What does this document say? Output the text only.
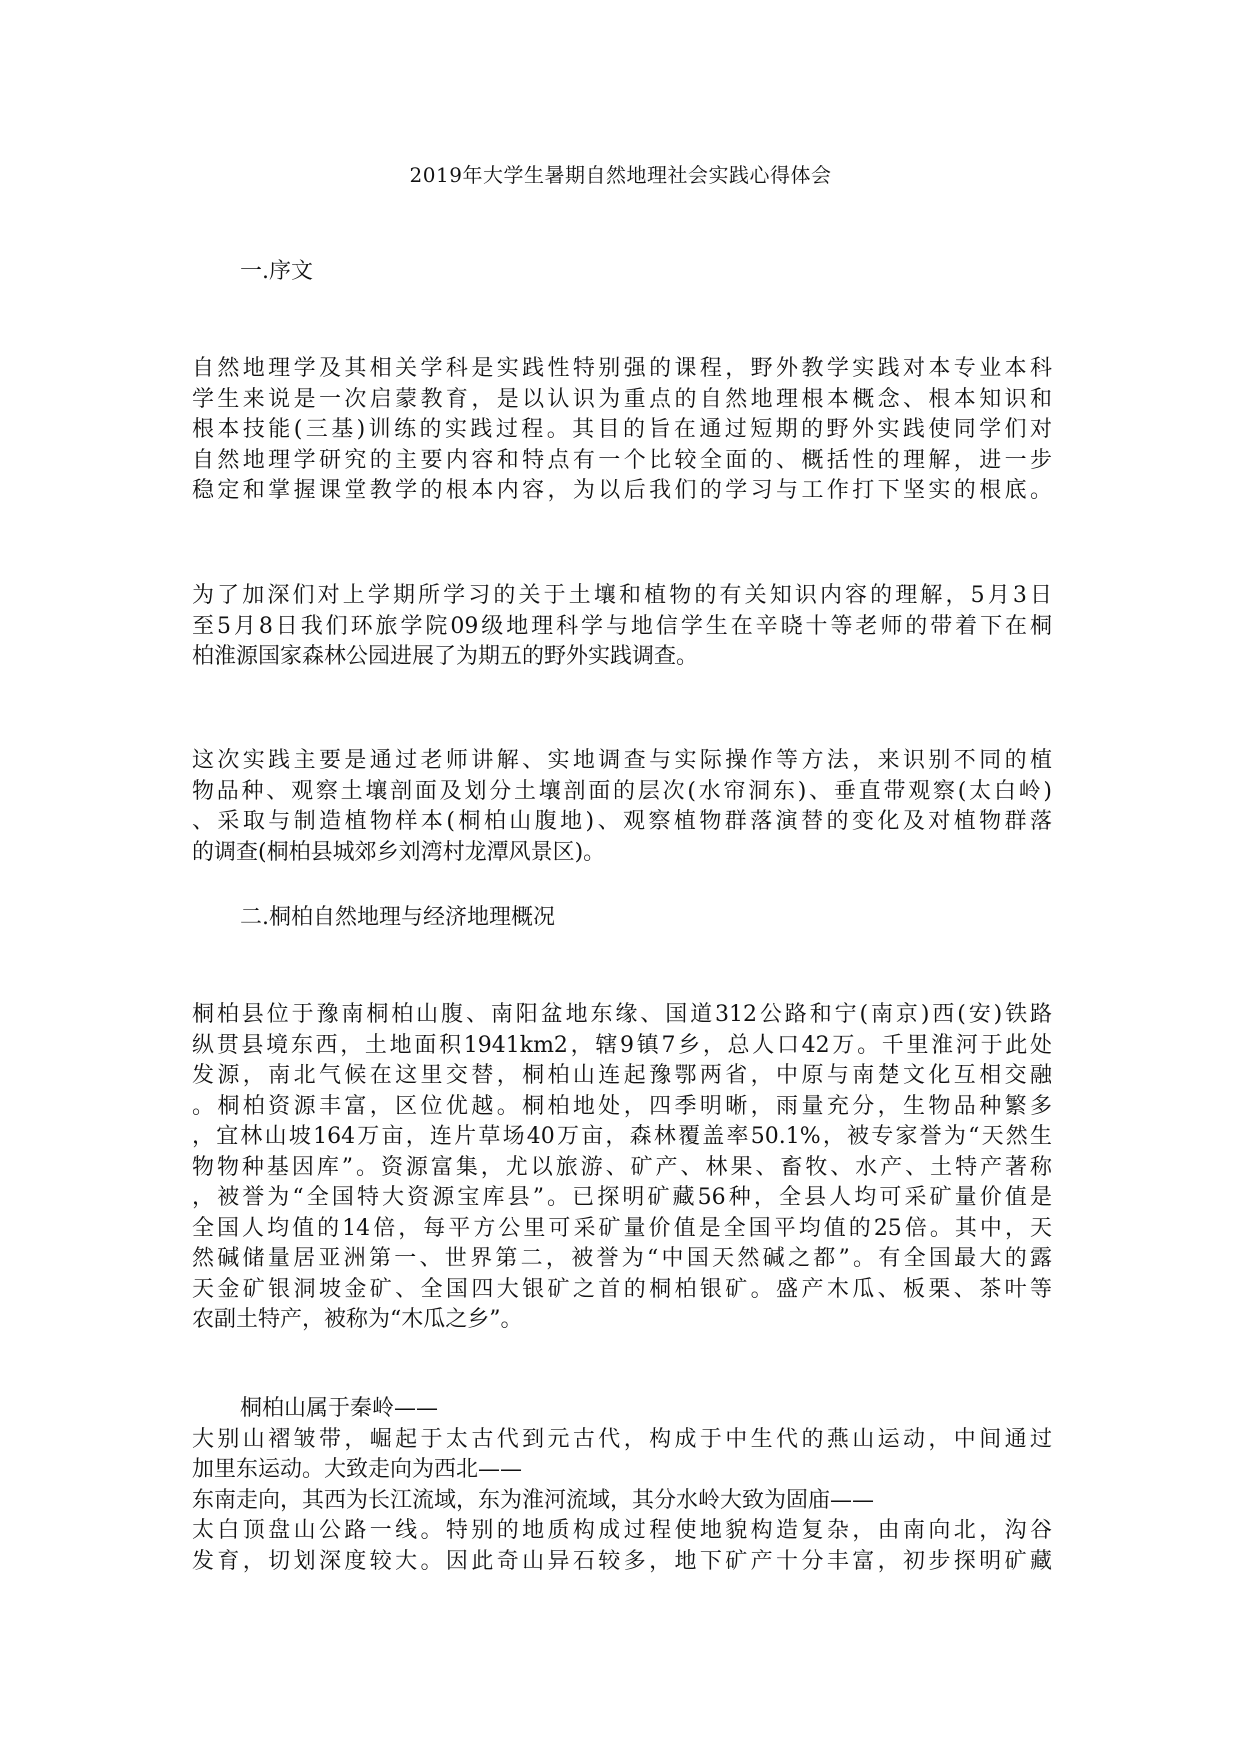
2019年大学生暑期自然地理社会实践心得体会
一.序文
自然地理学及其相关学科是实践性特别强的课程，野外教学实践对本专业本科
学生来说是一次启蒙教育，是以认识为重点的自然地理根本概念、根本知识和
根本技能(三基)训练的实践过程。其目的旨在通过短期的野外实践使同学们对
自然地理学研究的主要内容和特点有一个比较全面的、概括性的理解，进一步
稳定和掌握课堂教学的根本内容，为以后我们的学习与工作打下坚实的根底。
为了加深们对上学期所学习的关于土壤和植物的有关知识内容的理解，5月3日
至5月8日我们环旅学院09级地理科学与地信学生在辛晓十等老师的带着下在桐
柏淮源国家森林公园进展了为期五的野外实践调查。
这次实践主要是通过老师讲解、实地调查与实际操作等方法，来识别不同的植
物品种、观察土壤剖面及划分土壤剖面的层次(水帘洞东)、垂直带观察(太白岭)
、采取与制造植物样本(桐柏山腹地)、观察植物群落演替的变化及对植物群落
的调查(桐柏县城郊乡刘湾村龙潭风景区)。
二.桐柏自然地理与经济地理概况
桐柏县位于豫南桐柏山腹、南阳盆地东缘、国道312公路和宁(南京)西(安)铁路
纵贯县境东西，土地面积1941km2，辖9镇7乡，总人口42万。千里淮河于此处
发源，南北气候在这里交替，桐柏山连起豫鄂两省，中原与南楚文化互相交融
。桐柏资源丰富，区位优越。桐柏地处，四季明晰，雨量充分，生物品种繁多
，宜林山坡164万亩，连片草场40万亩，森林覆盖率50.1%，被专家誉为“天然生
物物种基因库”。资源富集，尤以旅游、矿产、林果、畜牧、水产、土特产著称
，被誉为“全国特大资源宝库县”。已探明矿藏56种，全县人均可采矿量价值是
全国人均值的14倍，每平方公里可采矿量价值是全国平均值的25倍。其中，天
然碱储量居亚洲第一、世界第二，被誉为“中国天然碱之都”。有全国最大的露
天金矿银洞坡金矿、全国四大银矿之首的桐柏银矿。盛产木瓜、板栗、茶叶等
农副土特产，被称为“木瓜之乡”。
桐柏山属于秦岭——
大别山褶皱带，崛起于太古代到元古代，构成于中生代的燕山运动，中间通过
加里东运动。大致走向为西北——
东南走向，其西为长江流域，东为淮河流域，其分水岭大致为固庙——
太白顶盘山公路一线。特别的地质构成过程使地貌构造复杂，由南向北，沟谷
发育，切划深度较大。因此奇山异石较多，地下矿产十分丰富，初步探明矿藏
